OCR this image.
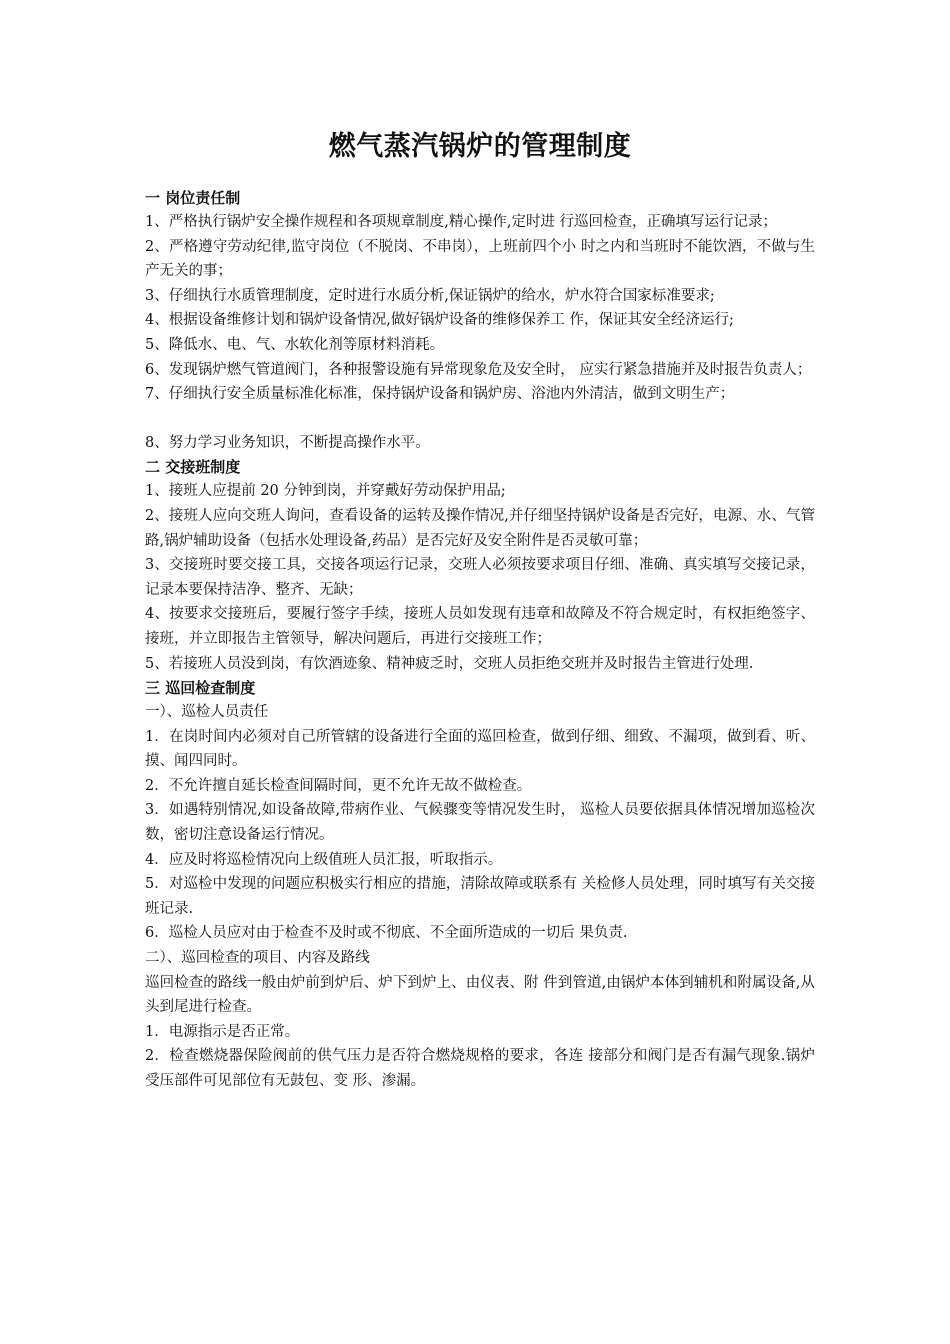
燃气蒸汽锅炉的管理制度

一 岗位责任制

1、严格执行锅炉安全操作规程和各项规章制度,精心操作,定时进 行巡回检查，正确填写运行记录；

2、严格遵守劳动纪律,监守岗位（不脱岗、不串岗），上班前四个小 时之内和当班时不能饮酒，不做与生产无关的事；

3、仔细执行水质管理制度，定时进行水质分析,保证锅炉的给水，炉水符合国家标准要求;

4、根据设备维修计划和锅炉设备情况,做好锅炉设备的维修保养工 作，保证其安全经济运行;

5、降低水、电、气、水软化剂等原材料消耗。

6、发现锅炉燃气管道阀门，各种报警设施有异常现象危及安全时， 应实行紧急措施并及时报告负责人；

7、仔细执行安全质量标准化标准，保持锅炉设备和锅炉房、浴池内外清洁，做到文明生产；

8、努力学习业务知识，不断提高操作水平。

二 交接班制度

1、接班人应提前 20 分钟到岗，并穿戴好劳动保护用品;

2、接班人应向交班人询问，查看设备的运转及操作情况,并仔细坚持锅炉设备是否完好，电源、水、气管路,锅炉辅助设备（包括水处理设备,药品）是否完好及安全附件是否灵敏可靠；

3、交接班时要交接工具，交接各项运行记录，交班人必须按要求项目仔细、准确、真实填写交接记录，记录本要保持洁净、整齐、无缺；

4、按要求交接班后，要履行签字手续，接班人员如发现有违章和故障及不符合规定时，有权拒绝签字、接班，并立即报告主管领导，解决问题后，再进行交接班工作；

5、若接班人员没到岗，有饮酒迹象、精神疲乏时，交班人员拒绝交班并及时报告主管进行处理.

三 巡回检查制度

一）、巡检人员责任

1．在岗时间内必须对自己所管辖的设备进行全面的巡回检查，做到仔细、细致、不漏项，做到看、听、摸、闻四同时。

2．不允许擅自延长检查间隔时间，更不允许无故不做检查。

3．如遇特别情况,如设备故障,带病作业、气候骤变等情况发生时， 巡检人员要依据具体情况增加巡检次数，密切注意设备运行情况。

4．应及时将巡检情况向上级值班人员汇报，听取指示。

5．对巡检中发现的问题应积极实行相应的措施，清除故障或联系有 关检修人员处理，同时填写有关交接班记录.

6．巡检人员应对由于检查不及时或不彻底、不全面所造成的一切后 果负责.

二）、巡回检查的项目、内容及路线

巡回检查的路线一般由炉前到炉后、炉下到炉上、由仪表、附 件到管道,由锅炉本体到辅机和附属设备,从头到尾进行检查。

1．电源指示是否正常。

2．检查燃烧器保险阀前的供气压力是否符合燃烧规格的要求，各连 接部分和阀门是否有漏气现象.锅炉受压部件可见部位有无鼓包、变 形、渗漏。
